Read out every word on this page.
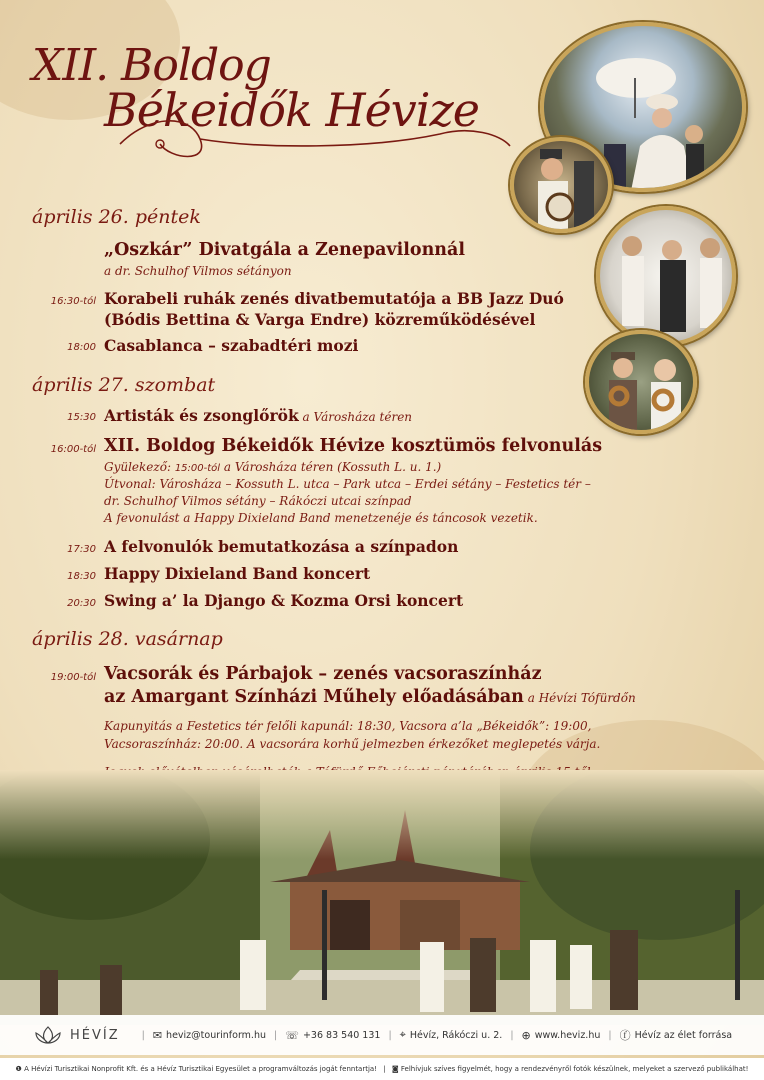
XII. Boldog
Békeidők Hévize
április 26. péntek
„Oszkár” Divatgála a Zenepavilonnál
a dr. Schulhof Vilmos sétányon
16:30-tól Korabeli ruhák zenés divatbemutatója a BB Jazz Duó
(Bódis Bettina & Varga Endre) közreműködésével
18:00 Casablanca – szabadtéri mozi
április 27. szombat
15:30 Artisták és zsonglőrök a Városháza téren
16:00-tól XII. Boldog Békeidők Hévize kosztümös felvonulás
Gyülekező: 15:00-tól a Városháza téren (Kossuth L. u. 1.)
Útvonal: Városháza – Kossuth L. utca – Park utca – Erdei sétány – Festetics tér –
dr. Schulhof Vilmos sétány – Rákóczi utcai színpad
A fevonulást a Happy Dixieland Band menetzenéje és táncosok vezetik.
17:30 A felvonulók bemutatkozása a színpadon
18:30 Happy Dixieland Band koncert
20:30 Swing a’ la Django & Kozma Orsi koncert
április 28. vasárnap
19:00-tól Vacsorák és Párbajok – zenés vacsoraszínház
az Amargant Színházi Műhely előadásában a Hévízi Tófürdőn
Kapunyitás a Festetics tér felőli kapunál: 18:30, Vacsora a’la „Békeidők”: 19:00,
Vacsoraszínház: 20:00. A vacsorára korhű jelmezben érkezőket meglepetés várja.
HÉVÍZ | ✉ heviz@tourinform.hu | ☏ +36 83 540 131 | ⌖ Hévíz, Rákóczi u. 2. | ⊕ www.heviz.hu | ⓕ Hévíz az élet forrása
❶ A Hévízi Turisztikai Nonprofit Kft. és a Hévíz Turisztikai Egyesület a programváltozás jogát fenntartja! | ◙ Felhívjuk szíves figyelmét, hogy a rendezvényről fotók készülnek, melyeket a szervező publikálhat!
